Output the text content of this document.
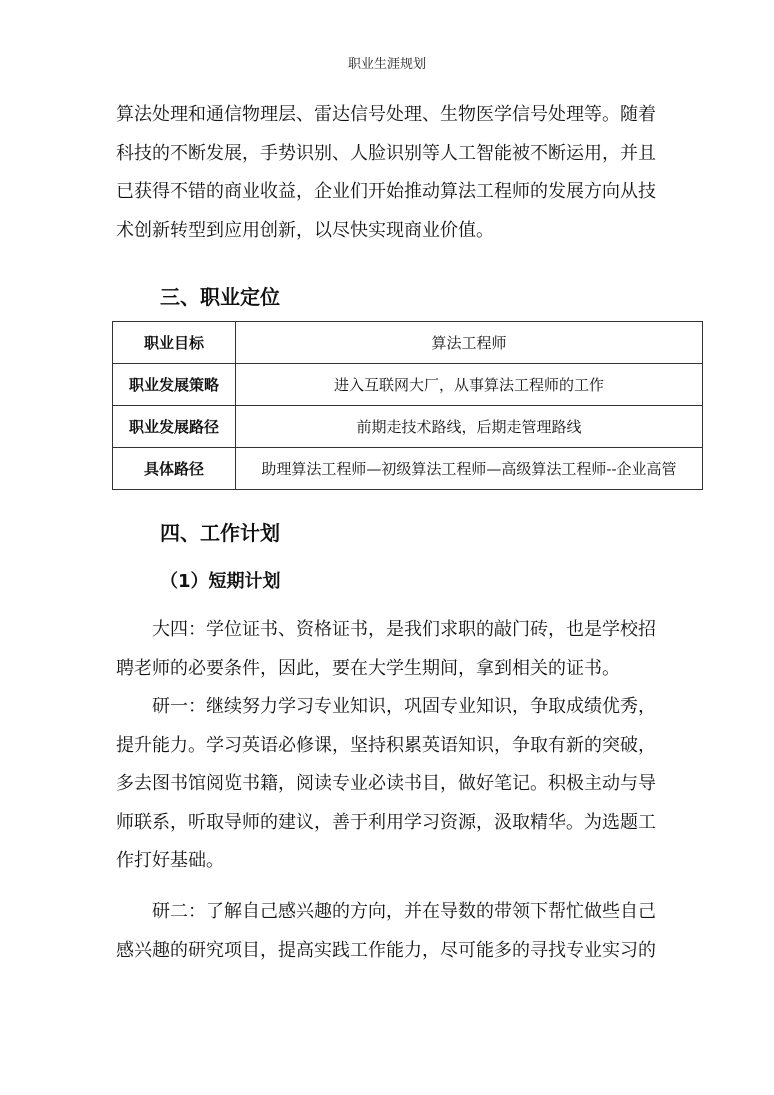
职业生涯规划
算法处理和通信物理层、雷达信号处理、生物医学信号处理等。随着
科技的不断发展，手势识别、人脸识别等人工智能被不断运用，并且
已获得不错的商业收益，企业们开始推动算法工程师的发展方向从技
术创新转型到应用创新，以尽快实现商业价值。
三、职业定位
职业目标	算法工程师
职业发展策略	进入互联网大厂，从事算法工程师的工作
职业发展路径	前期走技术路线，后期走管理路线
具体路径	助理算法工程师—初级算法工程师—高级算法工程师--企业高管
四、工作计划
（1）短期计划
大四：学位证书、资格证书，是我们求职的敲门砖，也是学校招
聘老师的必要条件，因此，要在大学生期间，拿到相关的证书。
研一：继续努力学习专业知识，巩固专业知识，争取成绩优秀，
提升能力。学习英语必修课，坚持积累英语知识，争取有新的突破，
多去图书馆阅览书籍，阅读专业必读书目，做好笔记。积极主动与导
师联系，听取导师的建议，善于利用学习资源，汲取精华。为选题工
作打好基础。
研二：了解自己感兴趣的方向，并在导数的带领下帮忙做些自己
感兴趣的研究项目，提高实践工作能力，尽可能多的寻找专业实习的
